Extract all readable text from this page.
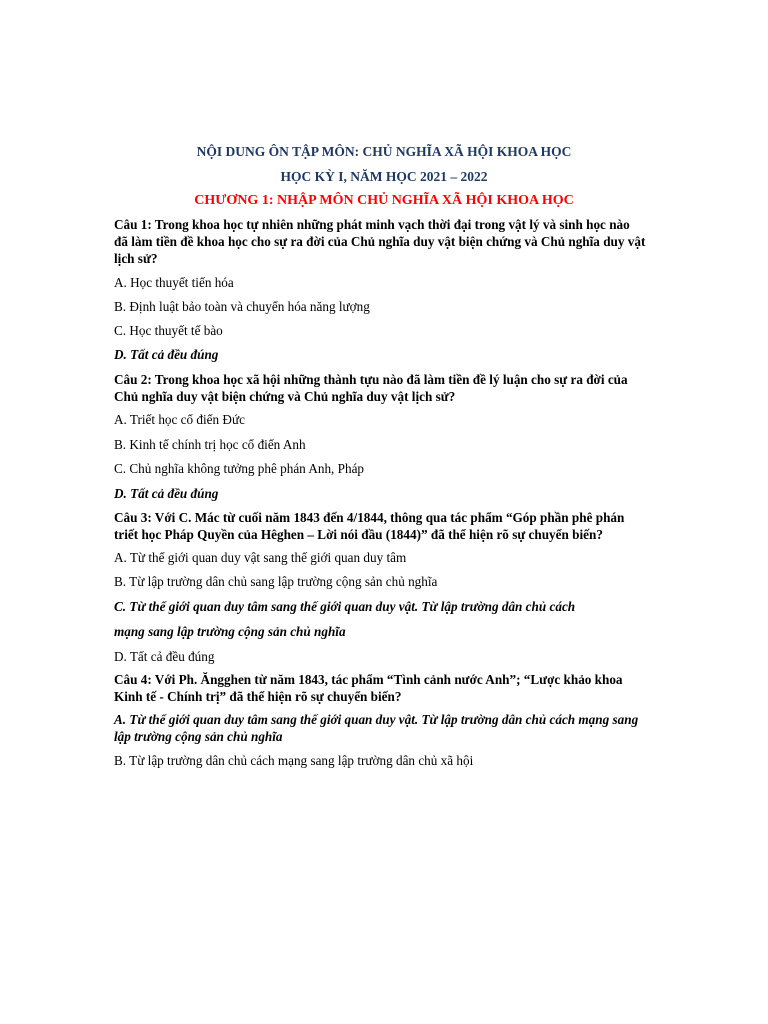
NỘI DUNG ÔN TẬP MÔN: CHỦ NGHĨA XÃ HỘI KHOA HỌC
HỌC KỲ I, NĂM HỌC 2021 – 2022
CHƯƠNG 1: NHẬP MÔN CHỦ NGHĨA XÃ HỘI KHOA HỌC
Câu 1: Trong khoa học tự nhiên những phát minh vạch thời đại trong vật lý và sinh học nào đã làm tiền đề khoa học cho sự ra đời của Chủ nghĩa duy vật biện chứng và Chủ nghĩa duy vật lịch sử?
A. Học thuyết tiến hóa
B. Định luật bảo toàn và chuyển hóa năng lượng
C. Học thuyết tế bào
D. Tất cả đều đúng
Câu 2: Trong khoa học xã hội những thành tựu nào đã làm tiền đề lý luận cho sự ra đời của Chủ nghĩa duy vật biện chứng và Chủ nghĩa duy vật lịch sử?
A. Triết học cổ điển Đức
B. Kinh tế chính trị học cổ điển Anh
C. Chủ nghĩa không tưởng phê phán Anh, Pháp
D. Tất cả đều đúng
Câu 3: Với C. Mác từ cuối năm 1843 đến 4/1844, thông qua tác phẩm “Góp phần phê phán triết học Pháp Quyền của Hêghen – Lời nói đầu (1844)” đã thể hiện rõ sự chuyển biến?
A. Từ thế giới quan duy vật sang thế giới quan duy tâm
B. Từ lập trường dân chủ sang lập trường cộng sản chủ nghĩa
C. Từ thế giới quan duy tâm sang thế giới quan duy vật. Từ lập trường dân chủ cách
mạng sang lập trường cộng sản chủ nghĩa
D. Tất cả đều đúng
Câu 4: Với Ph. Ăngghen từ năm 1843, tác phẩm “Tình cảnh nước Anh”; “Lược khảo khoa Kinh tế - Chính trị” đã thể hiện rõ sự chuyển biến?
A. Từ thế giới quan duy tâm sang thế giới quan duy vật. Từ lập trường dân chủ cách mạng sang lập trường cộng sản chủ nghĩa
B. Từ lập trường dân chủ cách mạng sang lập trường dân chủ xã hội
